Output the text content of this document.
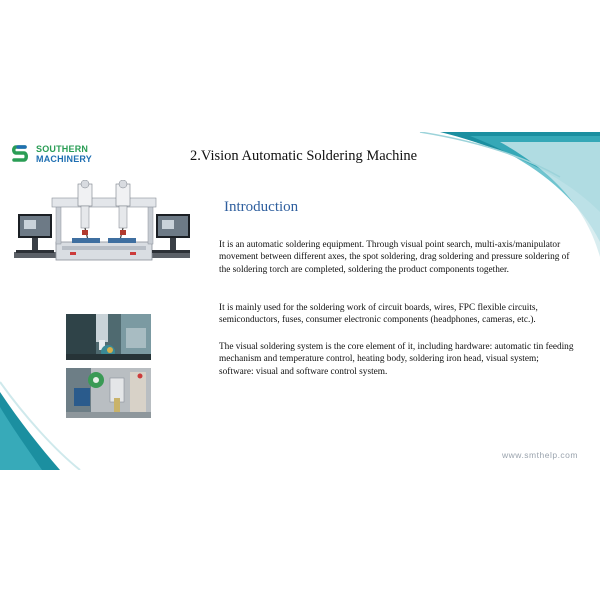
SOUTHERN
MACHINERY	2.Vision Automatic Soldering Machine
Introduction

It is an automatic soldering equipment. Through visual point search, multi-axis/manipulator movement between different axes, the spot soldering, drag soldering and pressure soldering of the soldering torch are completed, soldering the product components together.

It is mainly used for the soldering work of circuit boards, wires, FPC flexible circuits, semiconductors, fuses, consumer electronic components (headphones, cameras, etc.).

The visual soldering system is the core element of it, including hardware: automatic tin feeding mechanism and temperature control, heating body, soldering iron head, visual system; software: visual and software control system.

www.smthelp.com
